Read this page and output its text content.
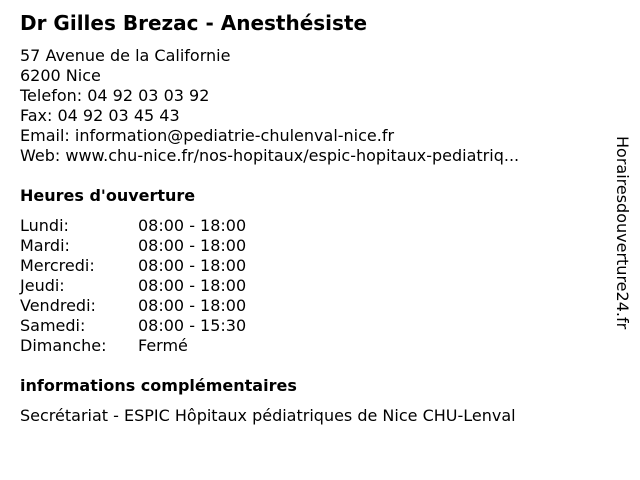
Dr Gilles Brezac - Anesthésiste
57 Avenue de la Californie
6200 Nice
Telefon: 04 92 03 03 92
Fax: 04 92 03 45 43
Email: information@pediatrie-chulenval-nice.fr
Web: www.chu-nice.fr/nos-hopitaux/espic-hopitaux-pediatriq...
Heures d'ouverture
Lundi:	08:00 - 18:00
Mardi:	08:00 - 18:00
Mercredi:	08:00 - 18:00
Jeudi:	08:00 - 18:00
Vendredi:	08:00 - 18:00
Samedi:	08:00 - 15:30
Dimanche:	Fermé
informations complémentaires
Secrétariat - ESPIC Hôpitaux pédiatriques de Nice CHU-Lenval
Horairesdouverture24.fr
